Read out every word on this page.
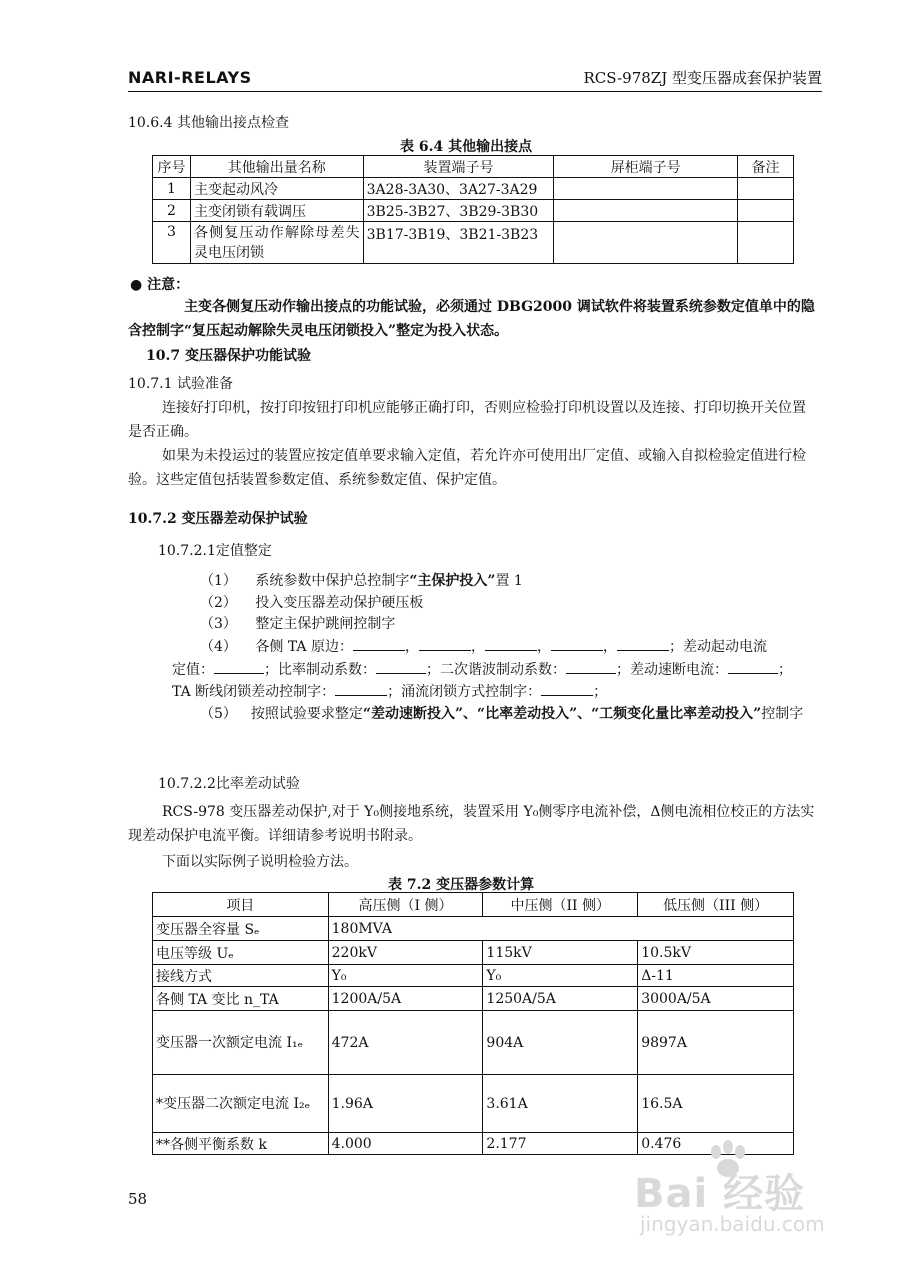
NARI-RELAYS	RCS-978ZJ 型变压器成套保护装置
10.6.4 其他输出接点检查
表 6.4 其他输出接点
序号	其他输出量名称	装置端子号	屏柜端子号	备注
1	主变起动风冷	3A28-3A30、3A27-3A29		
2	主变闭锁有载调压	3B25-3B27、3B29-3B30		
3	各侧复压动作解除母差失灵电压闭锁	3B17-3B19、3B21-3B23		
● 注意：
主变各侧复压动作输出接点的功能试验，必须通过 DBG2000 调试软件将装置系统参数定值单中的隐含控制字“复压起动解除失灵电压闭锁投入”整定为投入状态。
10.7 变压器保护功能试验
10.7.1 试验准备
连接好打印机，按打印按钮打印机应能够正确打印，否则应检验打印机设置以及连接、打印切换开关位置是否正确。
如果为未投运过的装置应按定值单要求输入定值，若允许亦可使用出厂定值、或输入自拟检验定值进行检验。这些定值包括装置参数定值、系统参数定值、保护定值。
10.7.2 变压器差动保护试验
10.7.2.1定值整定
（1） 系统参数中保护总控制字“主保护投入”置 1
（2） 投入变压器差动保护硬压板
（3） 整定主保护跳闸控制字
（4） 各侧 TA 原边：	，	，	，	，	；差动起动电流
定值：	；比率制动系数：	；二次谐波制动系数：	；差动速断电流：	；
TA 断线闭锁差动控制字：	；涌流闭锁方式控制字：	；
（5） 按照试验要求整定“差动速断投入”、“比率差动投入”、“工频变化量比率差动投入”控制字
10.7.2.2比率差动试验
RCS-978 变压器差动保护,对于 Y₀侧接地系统，装置采用 Y₀侧零序电流补偿，Δ侧电流相位校正的方法实现差动保护电流平衡。详细请参考说明书附录。
下面以实际例子说明检验方法。
表 7.2 变压器参数计算
项目	高压侧（I 侧）	中压侧（II 侧）	低压侧（III 侧）
变压器全容量 Sₑ	180MVA		
电压等级 Uₑ	220kV	115kV	10.5kV
接线方式	Y₀	Y₀	Δ-11
各侧 TA 变比 n_TA	1200A/5A	1250A/5A	3000A/5A
变压器一次额定电流 I₁ₑ	472A	904A	9897A
*变压器二次额定电流 I₂ₑ	1.96A	3.61A	16.5A
**各侧平衡系数 k	4.000	2.177	0.476
58	Bai 经验
jingyan.baidu.com
